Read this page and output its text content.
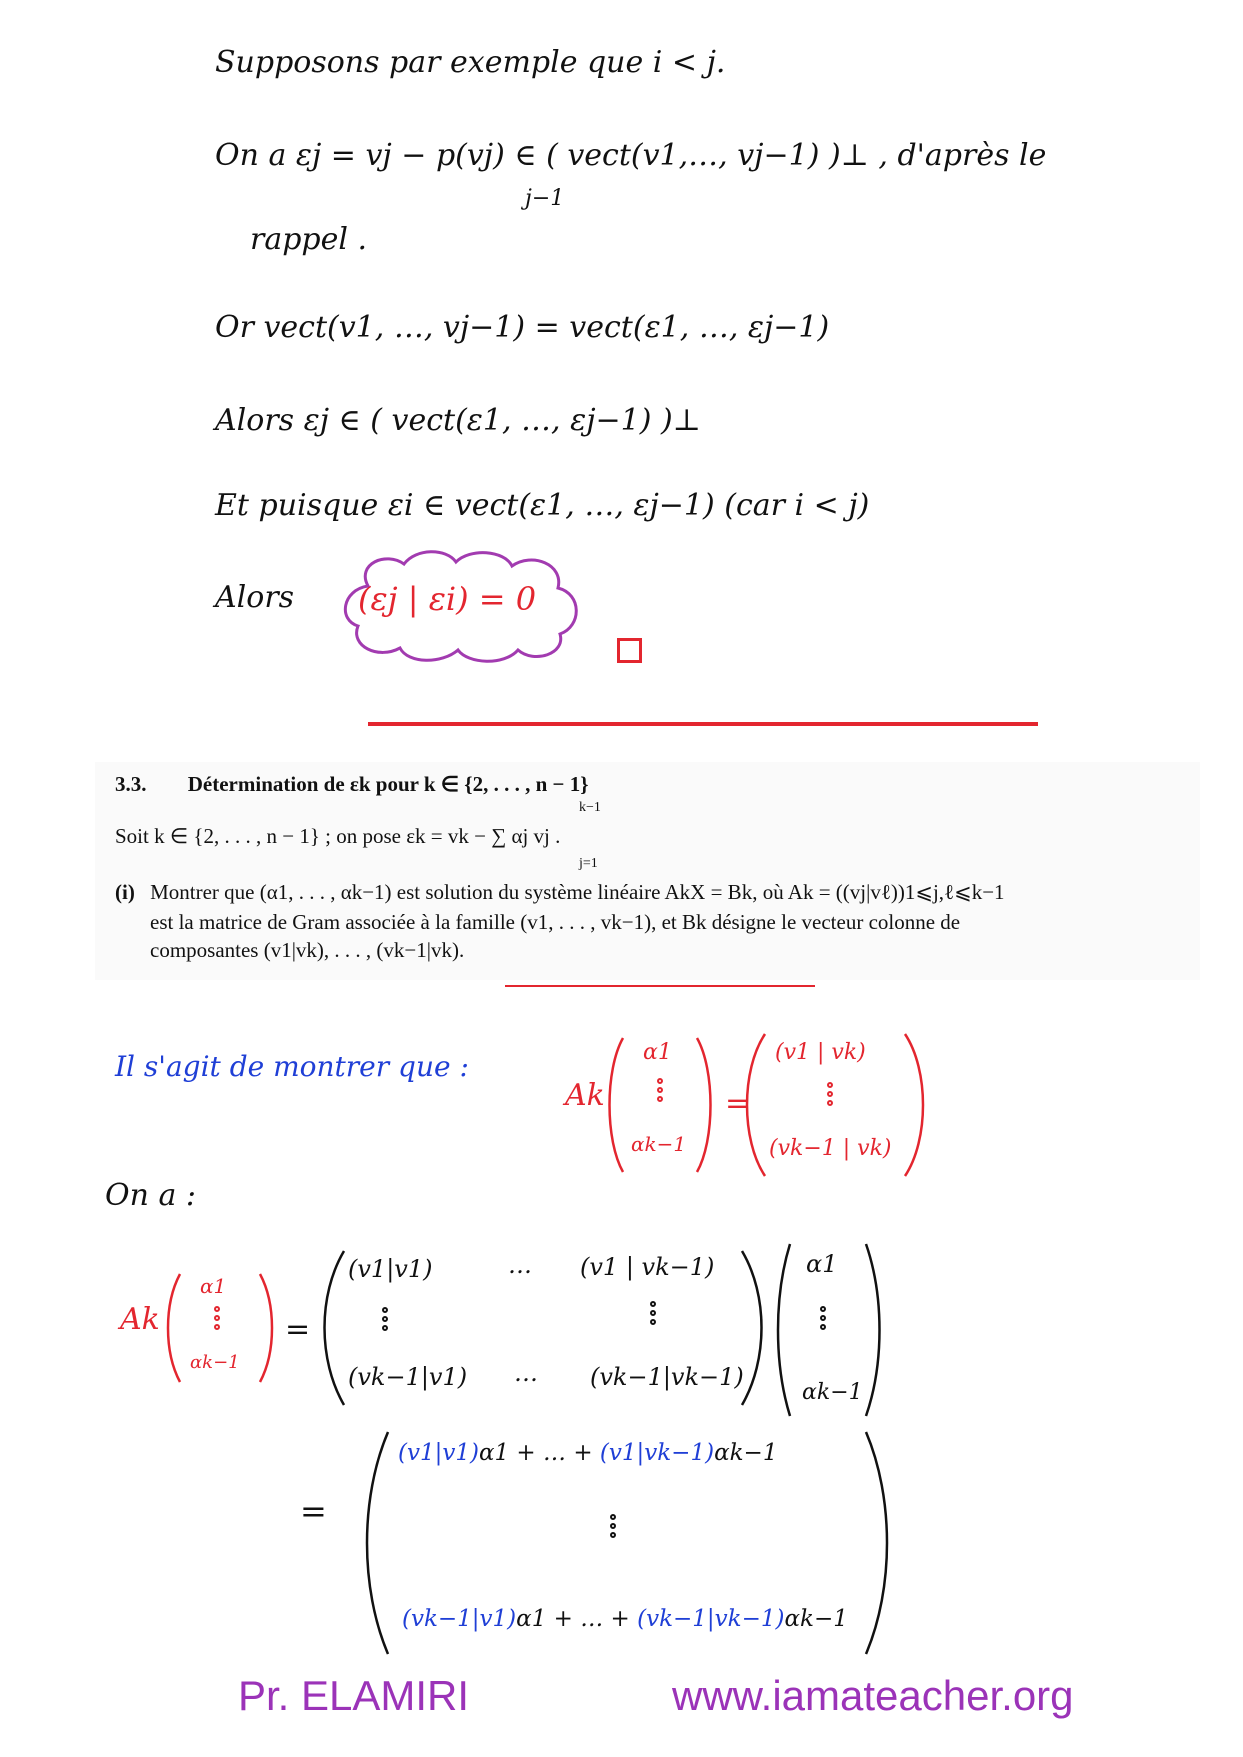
Supposons par exemple que i < j.
On a εj = vj − p(vj) ∈ ( vect(v1,…, vj−1) )⊥ , d'après le
j−1
rappel .
Or vect(v1, …, vj−1) = vect(ε1, …, εj−1)
Alors εj ∈ ( vect(ε1, …, εj−1) )⊥
Et puisque εi ∈ vect(ε1, …, εj−1) (car i < j)
Alors (εj | εi) = 0
3.3. Détermination de εk pour k ∈ {2, . . . , n − 1}
k−1
Soit k ∈ {2, . . . , n − 1} ; on pose εk = vk − ∑ αj vj .
j=1
(i) Montrer que (α1, . . . , αk−1) est solution du système linéaire AkX = Bk, où Ak = ((vj|vℓ))1⩽j,ℓ⩽k−1
est la matrice de Gram associée à la famille (v1, . . . , vk−1), et Bk désigne le vecteur colonne de
composantes (v1|vk), . . . , (vk−1|vk).
Il s'agit de montrer que :
Ak
α1
αk−1
=
(v1 | vk)
(vk−1 | vk)
On a :
Ak
α1
αk−1
=
(v1|v1)	… (v1 | vk−1)
(vk−1|v1) … (vk−1|vk−1)
α1
αk−1
=
(v1|v1)α1 + … + (v1|vk−1)αk−1
(vk−1|v1)α1 + … + (vk−1|vk−1)αk−1
Pr. ELAMIRI	www.iamateacher.org
